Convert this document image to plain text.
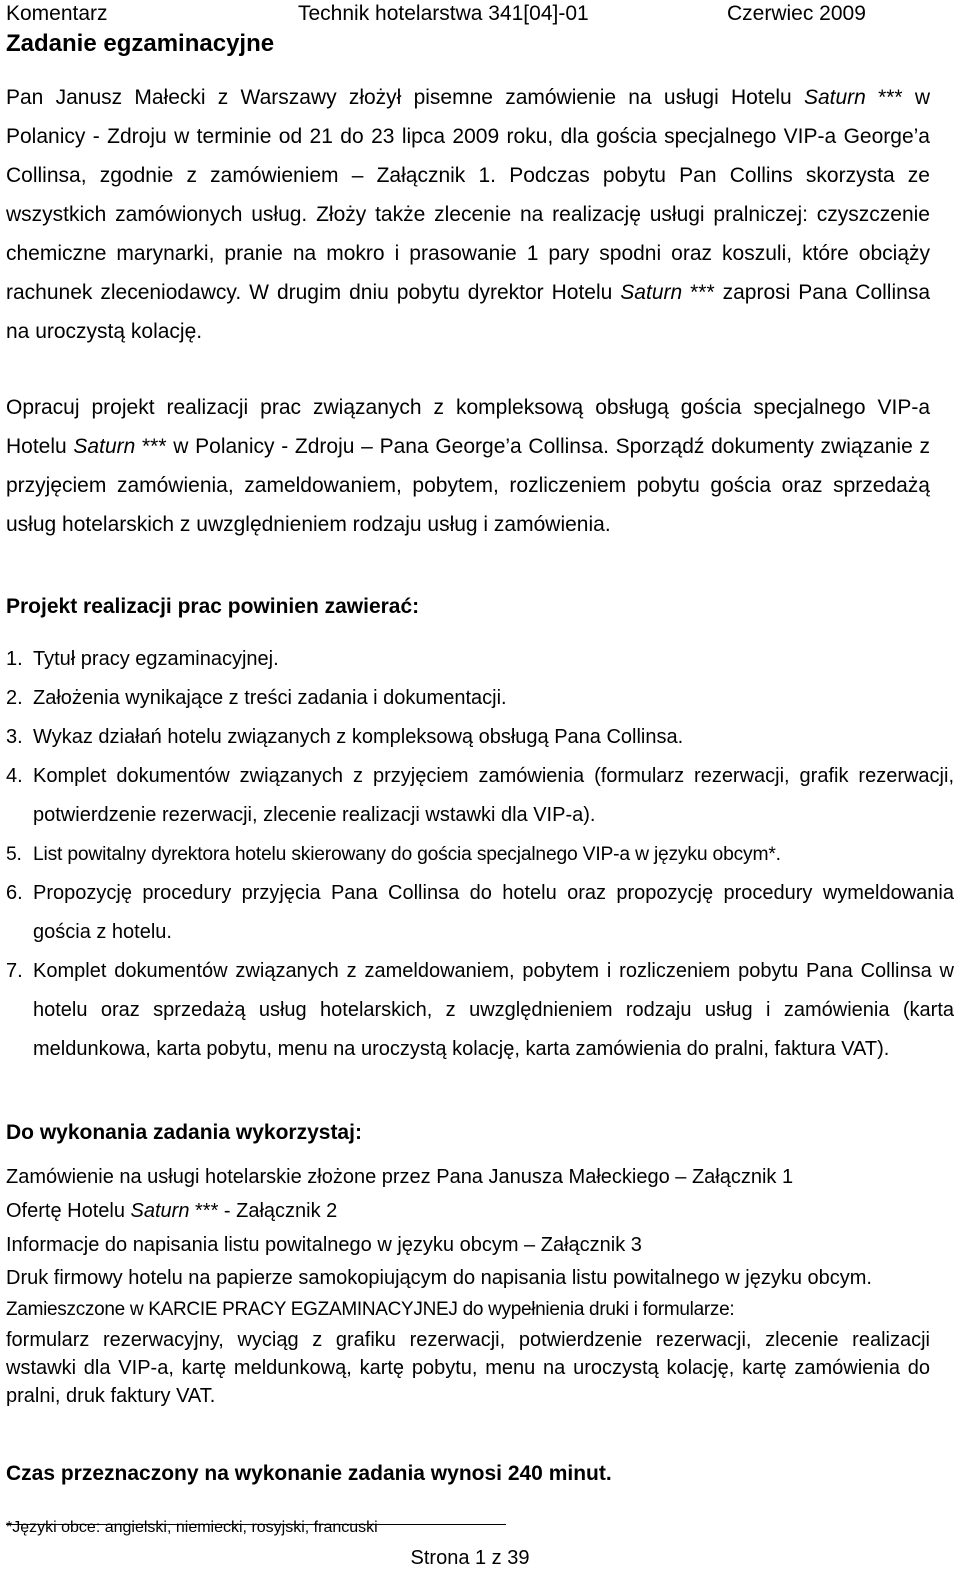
Komentarz	Technik hotelarstwa 341[04]-01	Czerwiec 2009
Zadanie egzaminacyjne

Pan Janusz Małecki z Warszawy złożył pisemne zamówienie na usługi Hotelu Saturn *** w Polanicy - Zdroju w terminie od 21 do 23 lipca 2009 roku, dla gościa specjalnego VIP-a George’a Collinsa, zgodnie z zamówieniem – Załącznik 1. Podczas pobytu Pan Collins skorzysta ze wszystkich zamówionych usług. Złoży także zlecenie na realizację usługi pralniczej: czyszczenie chemiczne marynarki, pranie na mokro i prasowanie 1 pary spodni oraz koszuli, które obciąży rachunek zleceniodawcy. W drugim dniu pobytu dyrektor Hotelu Saturn *** zaprosi Pana Collinsa na uroczystą kolację.

Opracuj projekt realizacji prac związanych z kompleksową obsługą gościa specjalnego VIP-a Hotelu Saturn *** w Polanicy - Zdroju – Pana George’a Collinsa. Sporządź dokumenty związanie z przyjęciem zamówienia, zameldowaniem, pobytem, rozliczeniem pobytu gościa oraz sprzedażą usług hotelarskich z uwzględnieniem rodzaju usług i zamówienia.

Projekt realizacji prac powinien zawierać:
1. Tytuł pracy egzaminacyjnej.
2. Założenia wynikające z treści zadania i dokumentacji.
3. Wykaz działań hotelu związanych z kompleksową obsługą Pana Collinsa.
4. Komplet dokumentów związanych z przyjęciem zamówienia (formularz rezerwacji, grafik rezerwacji, potwierdzenie rezerwacji, zlecenie realizacji wstawki dla VIP-a).
5. List powitalny dyrektora hotelu skierowany do gościa specjalnego VIP-a w języku obcym*.
6. Propozycję procedury przyjęcia Pana Collinsa do hotelu oraz propozycję procedury wymeldowania gościa z hotelu.
7. Komplet dokumentów związanych z zameldowaniem, pobytem i rozliczeniem pobytu Pana Collinsa w hotelu oraz sprzedażą usług hotelarskich, z uwzględnieniem rodzaju usług i zamówienia (karta meldunkowa, karta pobytu, menu na uroczystą kolację, karta zamówienia do pralni, faktura VAT).
Do wykonania zadania wykorzystaj:
Zamówienie na usługi hotelarskie złożone przez Pana Janusza Małeckiego – Załącznik 1
Ofertę Hotelu Saturn *** - Załącznik 2
Informacje do napisania listu powitalnego w języku obcym – Załącznik 3
Druk firmowy hotelu na papierze samokopiującym do napisania listu powitalnego w języku obcym.
Zamieszczone w KARCIE PRACY EGZAMINACYJNEJ do wypełnienia druki i formularze:
formularz rezerwacyjny, wyciąg z grafiku rezerwacji, potwierdzenie rezerwacji, zlecenie realizacji wstawki dla VIP-a, kartę meldunkową, kartę pobytu, menu na uroczystą kolację, kartę zamówienia do pralni, druk faktury VAT.
Czas przeznaczony na wykonanie zadania wynosi 240 minut.
*Języki obce: angielski, niemiecki, rosyjski, francuski
Strona 1 z 39
